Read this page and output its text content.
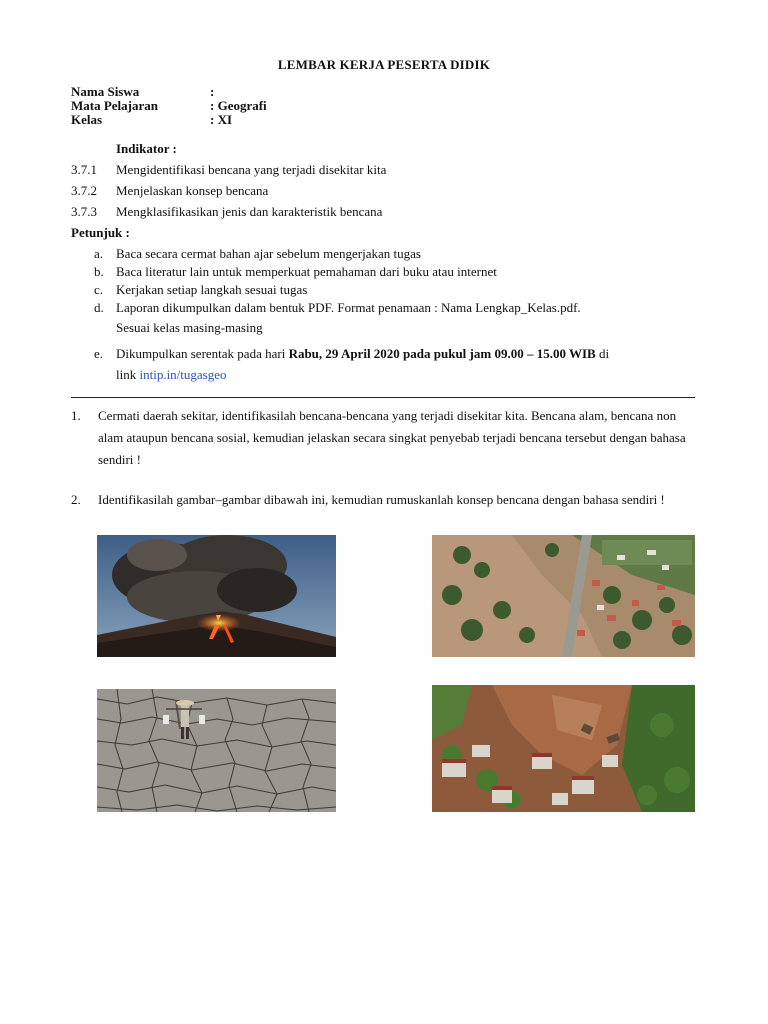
LEMBAR KERJA PESERTA DIDIK
Nama Siswa	:
Mata Pelajaran	: Geografi
Kelas	: XI
Indikator :
3.7.1 Mengidentifikasi bencana yang terjadi disekitar kita
3.7.2 Menjelaskan konsep bencana
3.7.3 Mengklasifikasikan jenis dan karakteristik bencana
Petunjuk :
a. Baca secara cermat bahan ajar sebelum mengerjakan tugas
b. Baca literatur lain untuk memperkuat pemahaman dari buku atau internet
c. Kerjakan setiap langkah sesuai tugas
d. Laporan dikumpulkan dalam bentuk PDF. Format penamaan : Nama Lengkap_Kelas.pdf.
Sesuai kelas masing-masing
e. Dikumpulkan serentak pada hari Rabu, 29 April 2020 pada pukul jam 09.00 – 15.00 WIB di
link intip.in/tugasgeo
1. Cermati daerah sekitar, identifikasilah bencana-bencana yang terjadi disekitar kita. Bencana alam, bencana non alam ataupun bencana sosial, kemudian jelaskan secara singkat penyebab terjadi bencana tersebut dengan bahasa sendiri !
2. Identifikasilah gambar–gambar dibawah ini, kemudian rumuskanlah konsep bencana dengan bahasa sendiri !
